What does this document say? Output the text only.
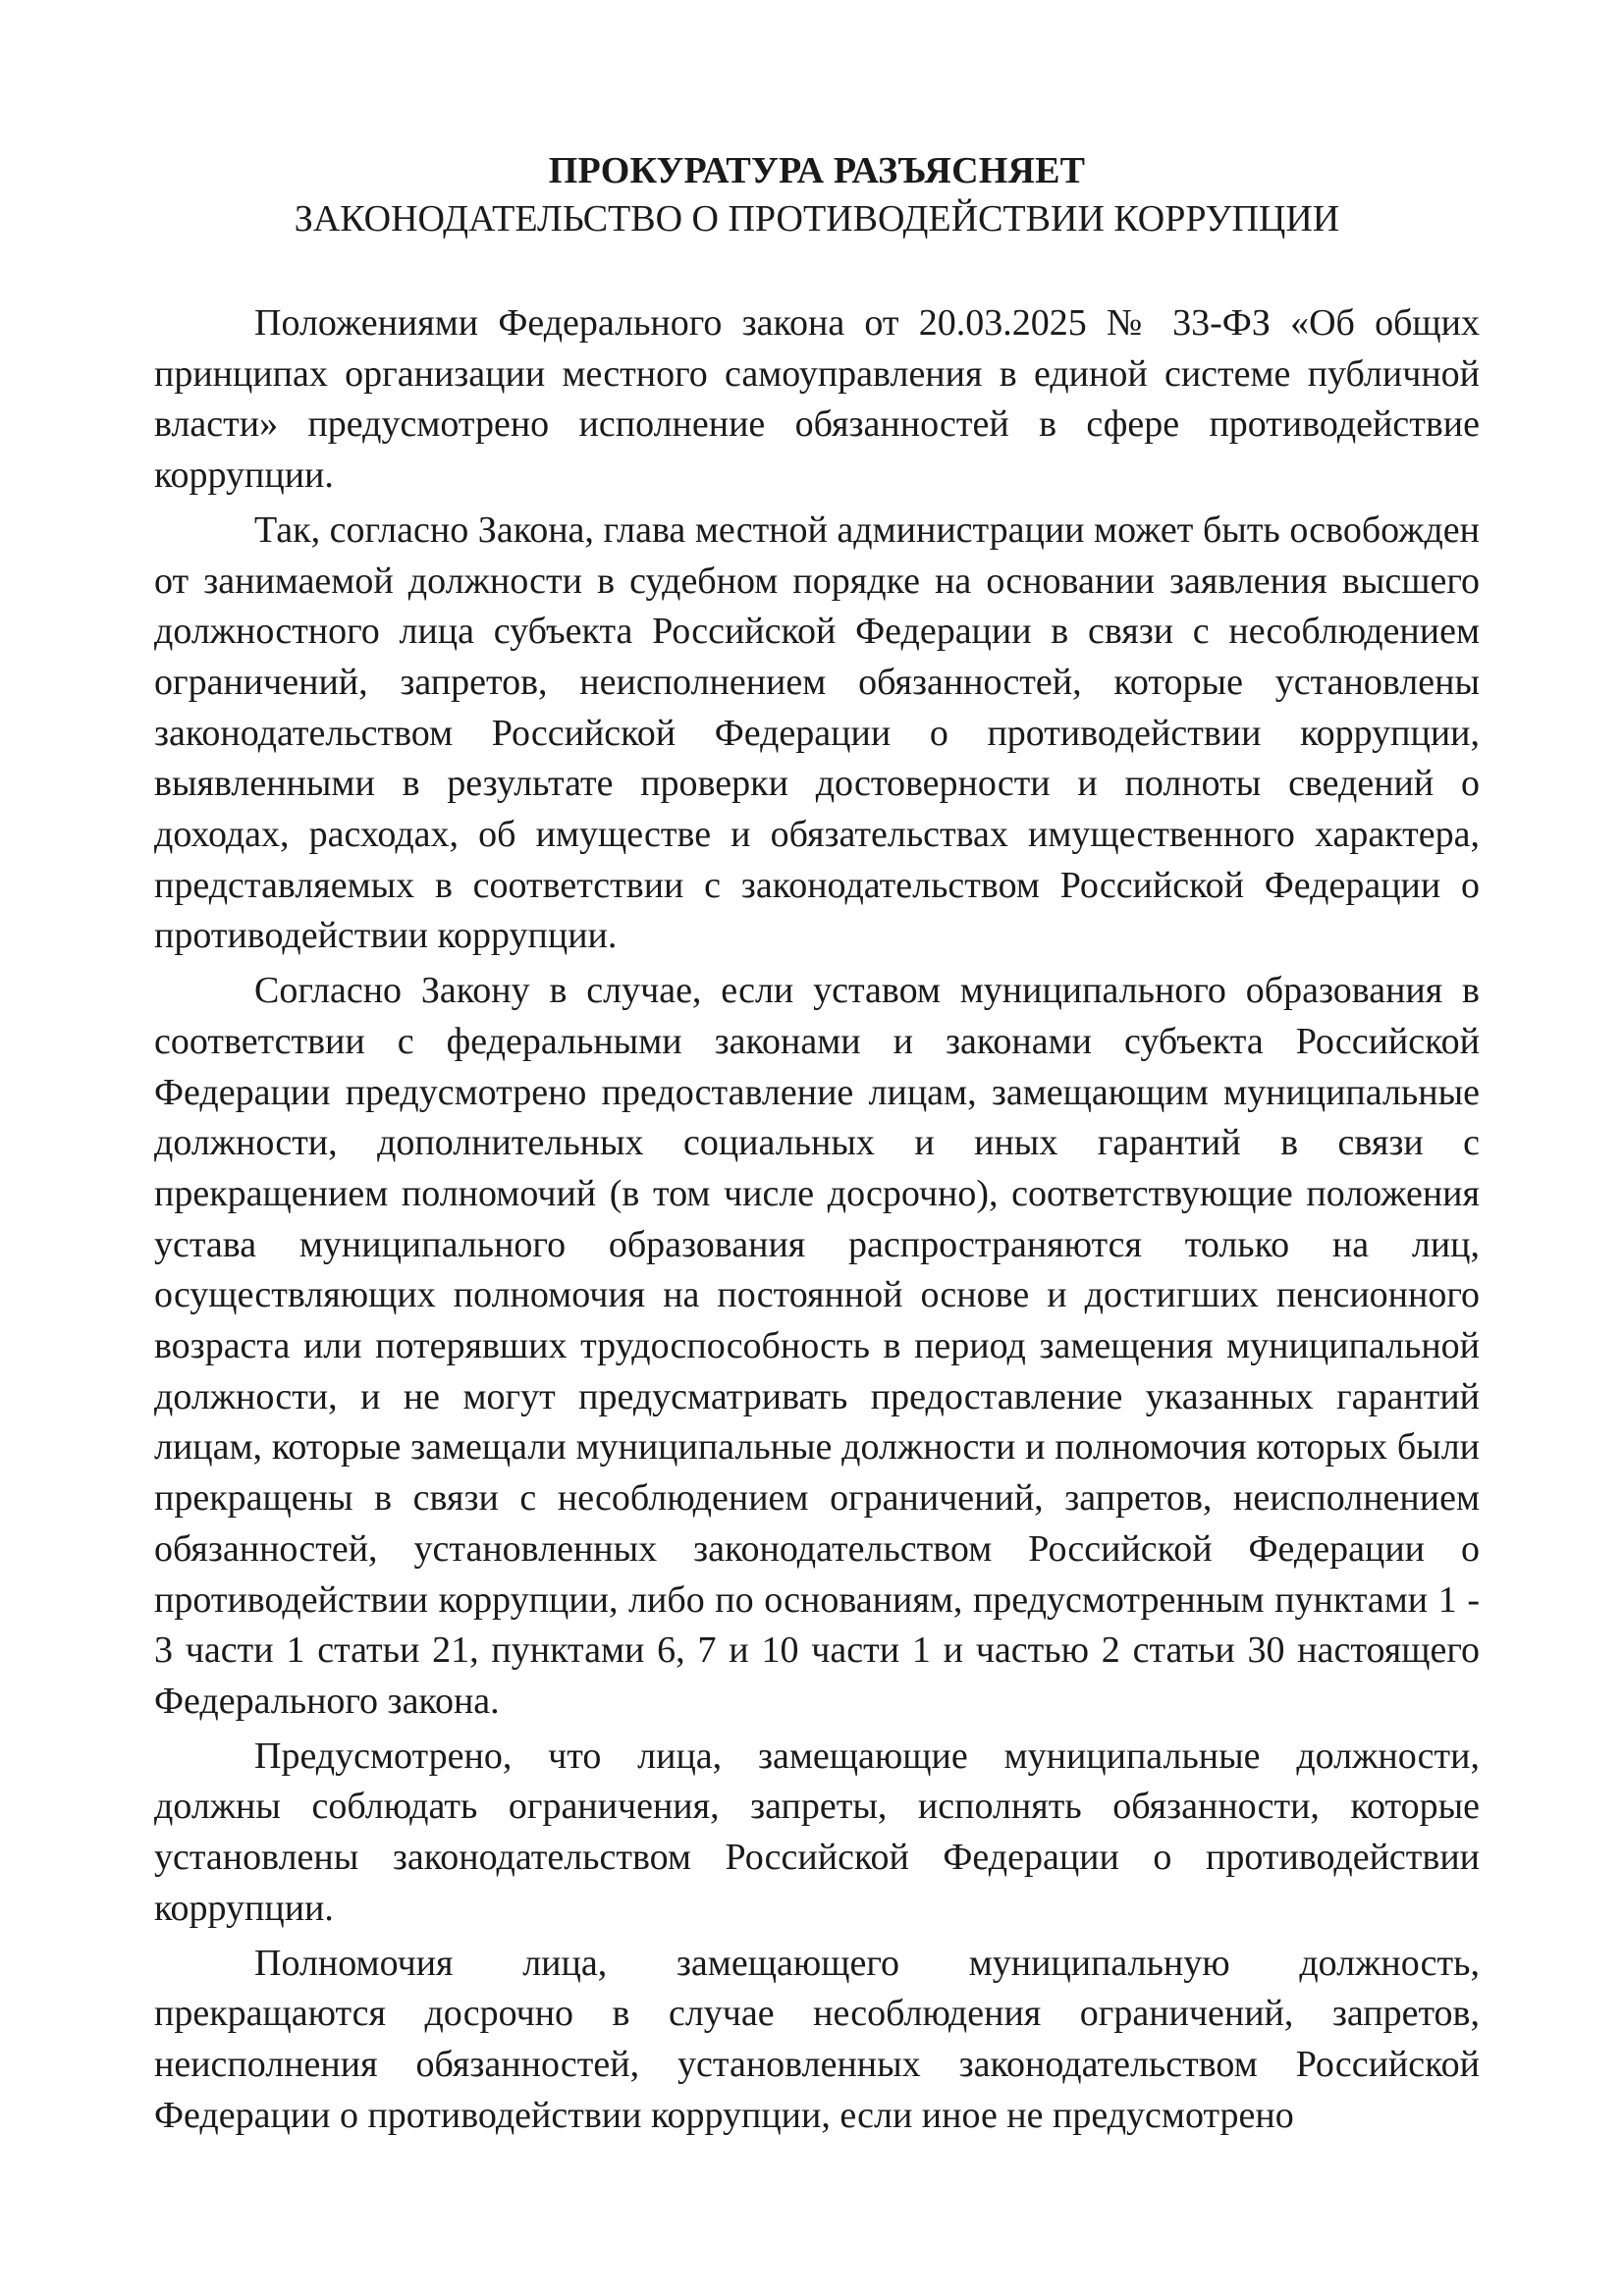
ПРОКУРАТУРА РАЗЪЯСНЯЕТ
ЗАКОНОДАТЕЛЬСТВО О ПРОТИВОДЕЙСТВИИ КОРРУПЦИИ

Положениями Федерального закона от 20.03.2025 № 33-ФЗ «Об общих принципах организации местного самоуправления в единой системе публичной власти» предусмотрено исполнение обязанностей в сфере противодействие коррупции.

Так, согласно Закона, глава местной администрации может быть освобожден от занимаемой должности в судебном порядке на основании заявления высшего должностного лица субъекта Российской Федерации в связи с несоблюдением ограничений, запретов, неисполнением обязанностей, которые установлены законодательством Российской Федерации о противодействии коррупции, выявленными в результате проверки достоверности и полноты сведений о доходах, расходах, об имуществе и обязательствах имущественного характера, представляемых в соответствии с законодательством Российской Федерации о противодействии коррупции.

Согласно Закону в случае, если уставом муниципального образования в соответствии с федеральными законами и законами субъекта Российской Федерации предусмотрено предоставление лицам, замещающим муниципальные должности, дополнительных социальных и иных гарантий в связи с прекращением полномочий (в том числе досрочно), соответствующие положения устава муниципального образования распространяются только на лиц, осуществляющих полномочия на постоянной основе и достигших пенсионного возраста или потерявших трудоспособность в период замещения муниципальной должности, и не могут предусматривать предоставление указанных гарантий лицам, которые замещали муниципальные должности и полномочия которых были прекращены в связи с несоблюдением ограничений, запретов, неисполнением обязанностей, установленных законодательством Российской Федерации о противодействии коррупции, либо по основаниям, предусмотренным пунктами 1 - 3 части 1 статьи 21, пунктами 6, 7 и 10 части 1 и частью 2 статьи 30 настоящего Федерального закона.

Предусмотрено, что лица, замещающие муниципальные должности, должны соблюдать ограничения, запреты, исполнять обязанности, которые установлены законодательством Российской Федерации о противодействии коррупции.

Полномочия лица, замещающего муниципальную должность, прекращаются досрочно в случае несоблюдения ограничений, запретов, неисполнения обязанностей, установленных законодательством Российской Федерации о противодействии коррупции, если иное не предусмотрено
